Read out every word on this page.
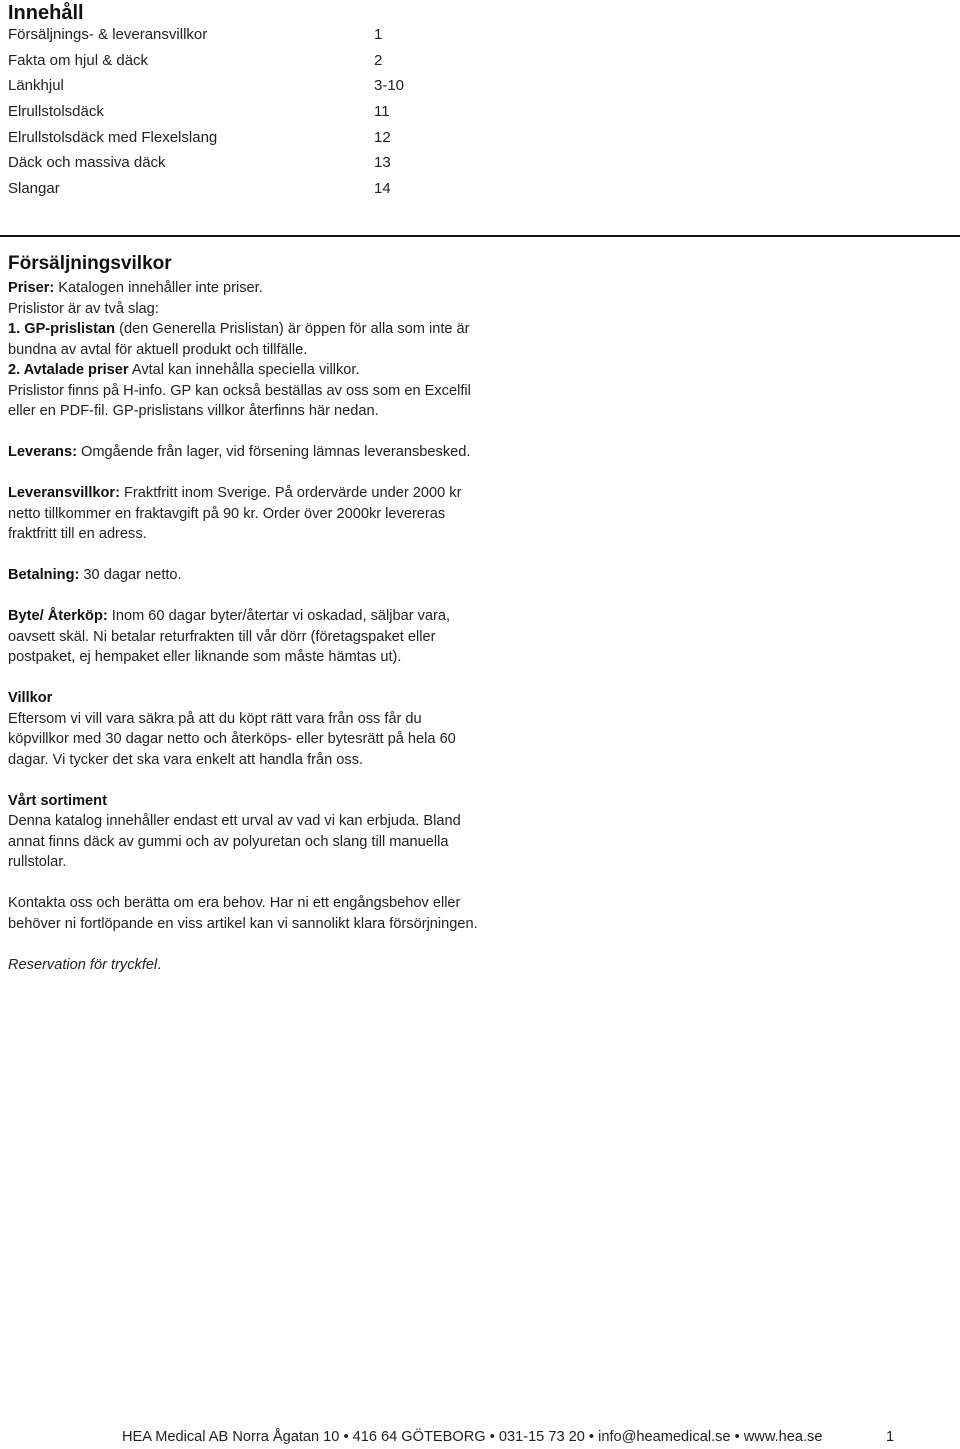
Innehåll
Försäljnings- & leveransvillkor	1
Fakta om hjul & däck	2
Länkhjul	3-10
Elrullstolsdäck	11
Elrullstolsdäck med Flexelslang	12
Däck och massiva däck	13
Slangar	14
Försäljningsvilkor

Priser: Katalogen innehåller inte priser.

Prislistor är av två slag:

1. GP-prislistan (den Generella Prislistan) är öppen för alla som inte är bundna av avtal för aktuell produkt och tillfälle.

2. Avtalade priser Avtal kan innehålla speciella villkor.

Prislistor finns på H-info. GP kan också beställas av oss som en Excelfil eller en PDF-fil. GP-prislistans villkor återfinns här nedan.

Leverans: Omgående från lager, vid försening lämnas leveransbesked.

Leveransvillkor: Fraktfritt inom Sverige. På ordervärde under 2000 kr netto tillkommer en fraktavgift på 90 kr. Order över 2000kr levereras fraktfritt till en adress.

Betalning: 30 dagar netto.

Byte/ Återköp: Inom 60 dagar byter/återtar vi oskadad, säljbar vara, oavsett skäl. Ni betalar returfrakten till vår dörr (företagspaket eller postpaket, ej hempaket eller liknande som måste hämtas ut).

Villkor

Eftersom vi vill vara säkra på att du köpt rätt vara från oss får du köpvillkor med 30 dagar netto och återköps- eller bytesrätt på hela 60 dagar. Vi tycker det ska vara enkelt att handla från oss.

Vårt sortiment

Denna katalog innehåller endast ett urval av vad vi kan erbjuda. Bland annat finns däck av gummi och av polyuretan och slang till manuella rullstolar.

Kontakta oss och berätta om era behov. Har ni ett engångsbehov eller behöver ni fortlöpande en viss artikel kan vi sannolikt klara försörjningen.

Reservation för tryckfel.

HEA Medical AB Norra Ågatan 10 • 416 64 GÖTEBORG • 031-15 73 20 • info@heamedical.se • www.hea.se	1
